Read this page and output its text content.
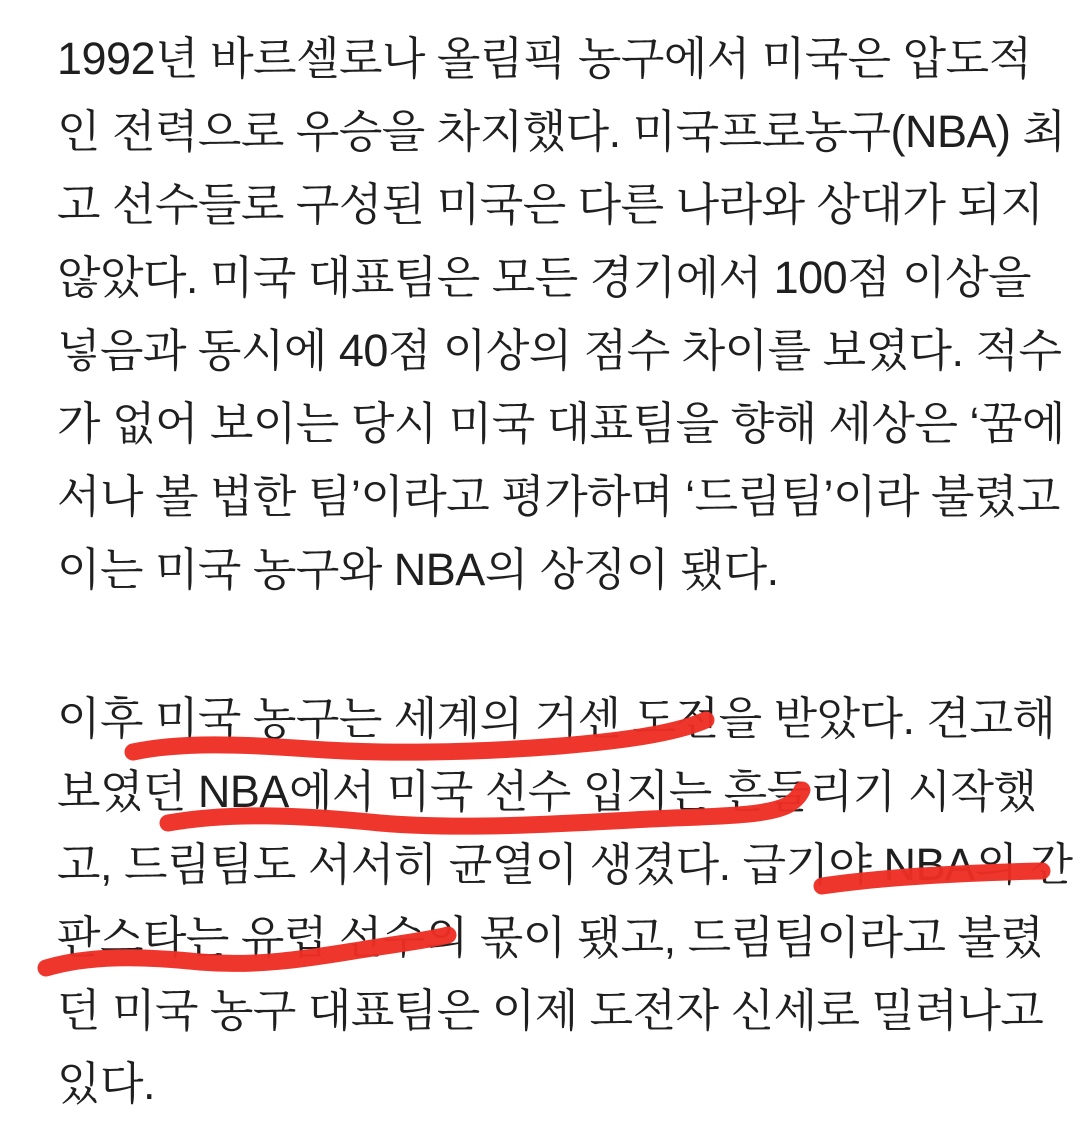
1992년 바르셀로나 올림픽 농구에서 미국은 압도적
인 전력으로 우승을 차지했다. 미국프로농구(NBA) 최
고 선수들로 구성된 미국은 다른 나라와 상대가 되지
않았다. 미국 대표팀은 모든 경기에서 100점 이상을
넣음과 동시에 40점 이상의 점수 차이를 보였다. 적수
가 없어 보이는 당시 미국 대표팀을 향해 세상은 ‘꿈에
서나 볼 법한 팀’이라고 평가하며 ‘드림팀’이라 불렸고
이는 미국 농구와 NBA의 상징이 됐다.
이후 미국 농구는 세계의 거센 도전을 받았다. 견고해
보였던 NBA에서 미국 선수 입지는 흔들리기 시작했
고, 드림팀도 서서히 균열이 생겼다. 급기야 NBA의 간
판스타는 유럽 선수의 몫이 됐고, 드림팀이라고 불렸
던 미국 농구 대표팀은 이제 도전자 신세로 밀려나고
있다.
